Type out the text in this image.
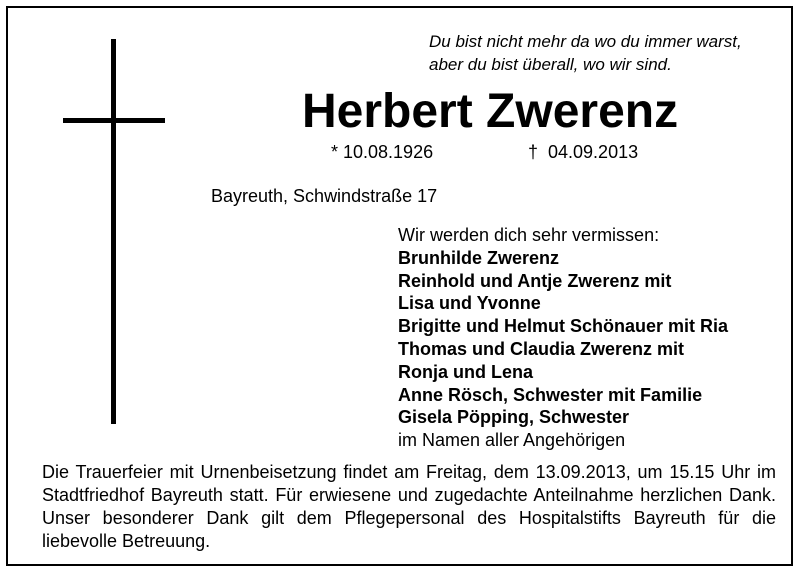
Du bist nicht mehr da wo du immer warst,
aber du bist überall, wo wir sind.
Herbert Zwerenz
* 10.08.1926	† 04.09.2013
Bayreuth, Schwindstraße 17
Wir werden dich sehr vermissen:
Brunhilde Zwerenz
Reinhold und Antje Zwerenz mit
Lisa und Yvonne
Brigitte und Helmut Schönauer mit Ria
Thomas und Claudia Zwerenz mit
Ronja und Lena
Anne Rösch, Schwester mit Familie
Gisela Pöpping, Schwester
im Namen aller Angehörigen
Die Trauerfeier mit Urnenbeisetzung findet am Freitag, dem 13.09.2013, um 15.15 Uhr im Stadtfriedhof Bayreuth statt. Für erwiesene und zugedachte Anteilnahme herzlichen Dank. Unser besonderer Dank gilt dem Pflegepersonal des Hospitalstifts Bayreuth für die liebevolle Betreuung.
